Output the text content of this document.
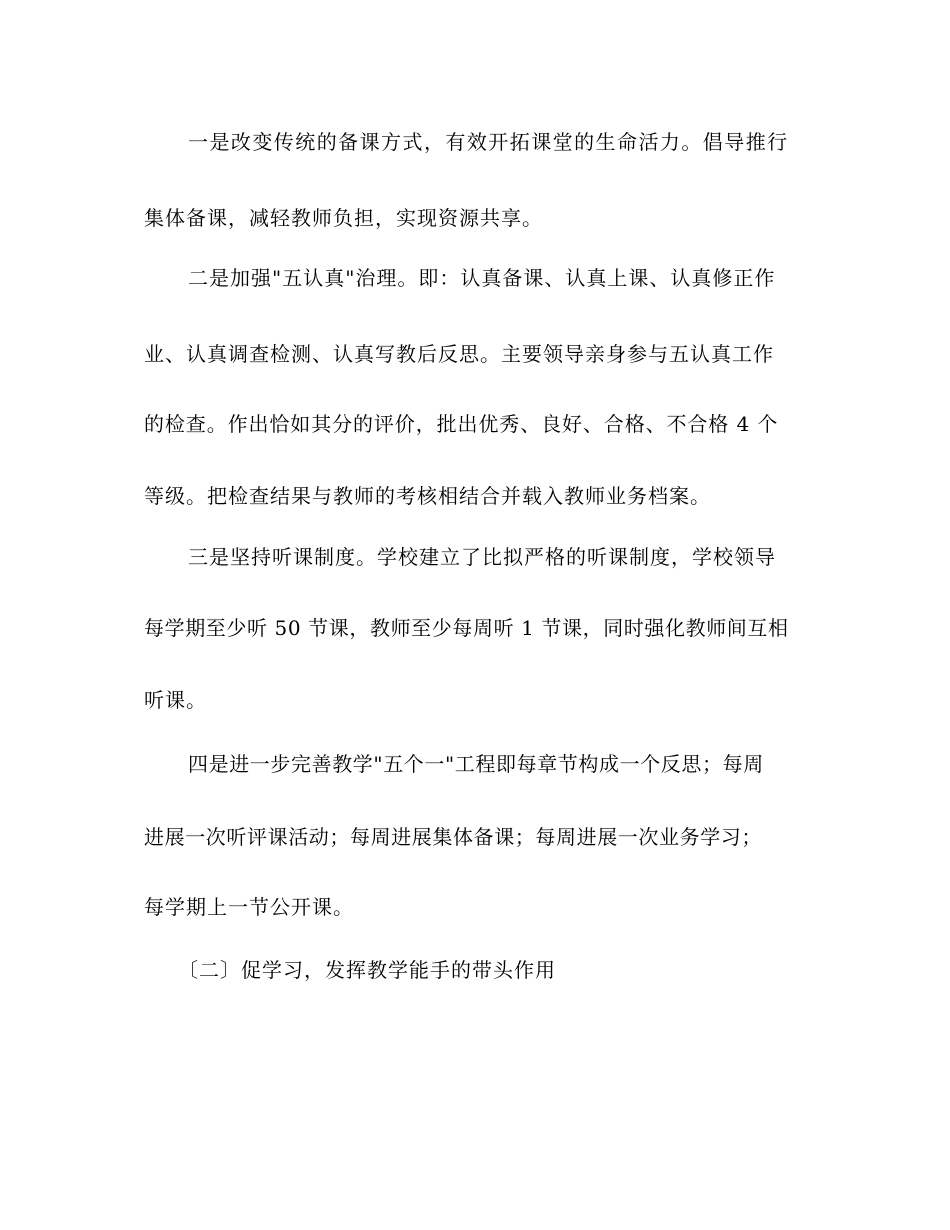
一是改变传统的备课方式，有效开拓课堂的生命活力。倡导推行
集体备课，减轻教师负担，实现资源共享。
二是加强"五认真"治理。即：认真备课、认真上课、认真修正作
业、认真调查检测、认真写教后反思。主要领导亲身参与五认真工作
的检查。作出恰如其分的评价，批出优秀、良好、合格、不合格 4 个
等级。把检查结果与教师的考核相结合并载入教师业务档案。
三是坚持听课制度。学校建立了比拟严格的听课制度，学校领导
每学期至少听 50 节课，教师至少每周听 1 节课，同时强化教师间互相
听课。
四是进一步完善教学"五个一"工程即每章节构成一个反思；每周
进展一次听评课活动；每周进展集体备课；每周进展一次业务学习；
每学期上一节公开课。
〔二〕促学习，发挥教学能手的带头作用
